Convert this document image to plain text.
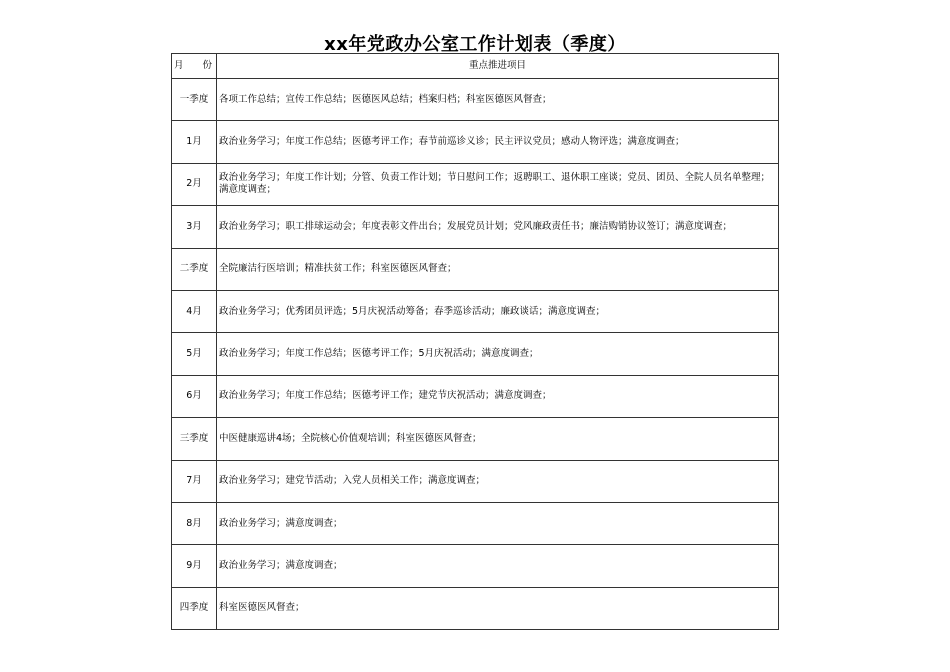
xx年党政办公室工作计划表（季度）
月 份	重点推进项目
一季度	各项工作总结；宣传工作总结；医德医风总结；档案归档；科室医德医风督查；
1月	政治业务学习；年度工作总结；医德考评工作；春节前巡诊义诊；民主评议党员；感动人物评选；满意度调查；
2月	政治业务学习；年度工作计划；分管、负责工作计划；节日慰问工作；返聘职工、退休职工座谈；党员、团员、全院人员名单整理；满意度调查；
3月	政治业务学习；职工排球运动会；年度表彰文件出台；发展党员计划；党风廉政责任书；廉洁购销协议签订；满意度调查；
二季度	全院廉洁行医培训；精准扶贫工作；科室医德医风督查；
4月	政治业务学习；优秀团员评选；5月庆祝活动筹备；春季巡诊活动；廉政谈话；满意度调查；
5月	政治业务学习；年度工作总结；医德考评工作；5月庆祝活动；满意度调查；
6月	政治业务学习；年度工作总结；医德考评工作；建党节庆祝活动；满意度调查；
三季度	中医健康巡讲4场；全院核心价值观培训；科室医德医风督查；
7月	政治业务学习；建党节活动；入党人员相关工作；满意度调查；
8月	政治业务学习；满意度调查；
9月	政治业务学习；满意度调查；
四季度	科室医德医风督查；
